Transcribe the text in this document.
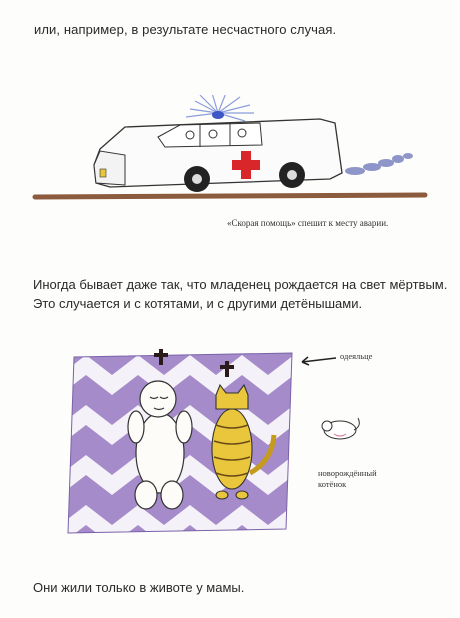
или, например, в результате несчастного случая.

«Скорая помощь» спешит к месту аварии.

Иногда бывает даже так, что младенец рождается на свет мёртвым.
Это случается и с котятами, и с другими детёнышами.
одеяльце
новорождённый
котёнок

Они жили только в животе у мамы.
